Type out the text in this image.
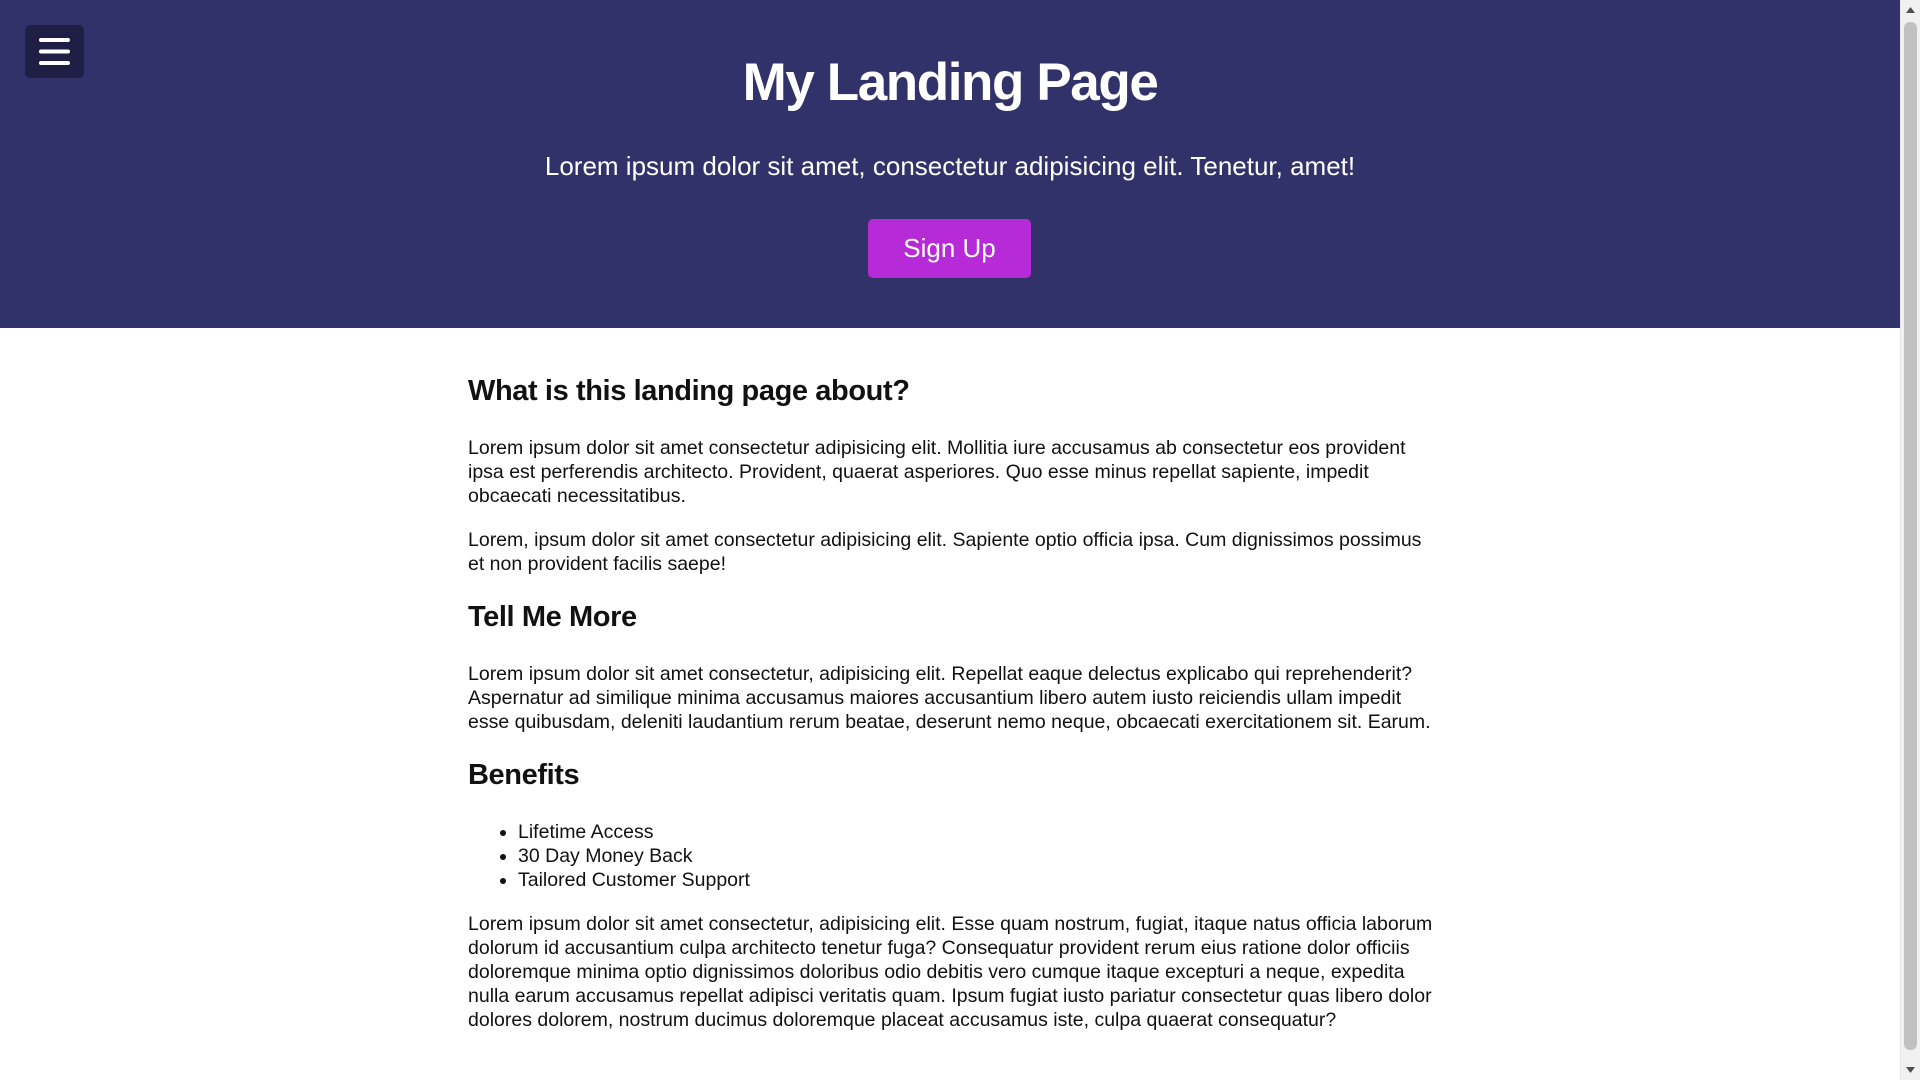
My Landing Page

Lorem ipsum dolor sit amet, consectetur adipisicing elit. Tenetur, amet!

Sign Up
What is this landing page about?

Lorem ipsum dolor sit amet consectetur adipisicing elit. Mollitia iure accusamus ab consectetur eos provident ipsa est perferendis architecto. Provident, quaerat asperiores. Quo esse minus repellat sapiente, impedit obcaecati necessitatibus.

Lorem, ipsum dolor sit amet consectetur adipisicing elit. Sapiente optio officia ipsa. Cum dignissimos possimus et non provident facilis saepe!

Tell Me More

Lorem ipsum dolor sit amet consectetur, adipisicing elit. Repellat eaque delectus explicabo qui reprehenderit? Aspernatur ad similique minima accusamus maiores accusantium libero autem iusto reiciendis ullam impedit esse quibusdam, deleniti laudantium rerum beatae, deserunt nemo neque, obcaecati exercitationem sit. Earum.

Benefits
• Lifetime Access
• 30 Day Money Back
• Tailored Customer Support

Lorem ipsum dolor sit amet consectetur, adipisicing elit. Esse quam nostrum, fugiat, itaque natus officia laborum dolorum id accusantium culpa architecto tenetur fuga? Consequatur provident rerum eius ratione dolor officiis doloremque minima optio dignissimos doloribus odio debitis vero cumque itaque excepturi a neque, expedita nulla earum accusamus repellat adipisci veritatis quam. Ipsum fugiat iusto pariatur consectetur quas libero dolor dolores dolorem, nostrum ducimus doloremque placeat accusamus iste, culpa quaerat consequatur?
